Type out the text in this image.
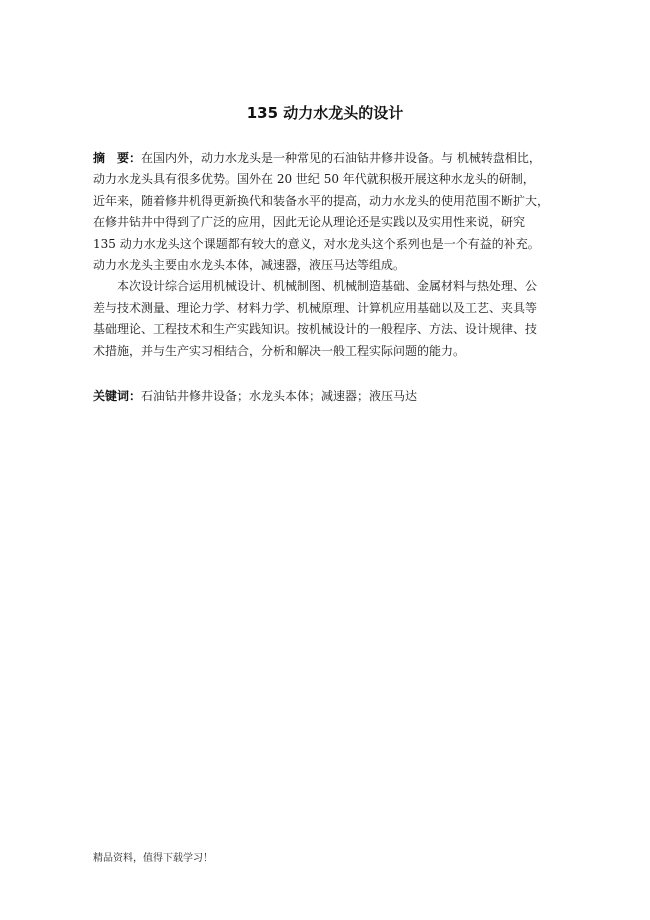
135 动力水龙头的设计
摘　要：在国内外，动力水龙头是一种常见的石油钻井修井设备。与 机械转盘相比，
动力水龙头具有很多优势。国外在 20 世纪 50 年代就积极开展这种水龙头的研制，
近年来，随着修井机得更新换代和装备水平的提高，动力水龙头的使用范围不断扩大，
在修井钻井中得到了广泛的应用，因此无论从理论还是实践以及实用性来说，研究
135 动力水龙头这个课题都有较大的意义，对水龙头这个系列也是一个有益的补充。
动力水龙头主要由水龙头本体，减速器，液压马达等组成。
本次设计综合运用机械设计、机械制图、机械制造基础、金属材料与热处理、公
差与技术测量、理论力学、材料力学、机械原理、计算机应用基础以及工艺、夹具等
基础理论、工程技术和生产实践知识。按机械设计的一般程序、方法、设计规律、技
术措施，并与生产实习相结合，分析和解决一般工程实际问题的能力。
关键词：石油钻井修井设备；水龙头本体；减速器；液压马达
精品资料，值得下载学习！
